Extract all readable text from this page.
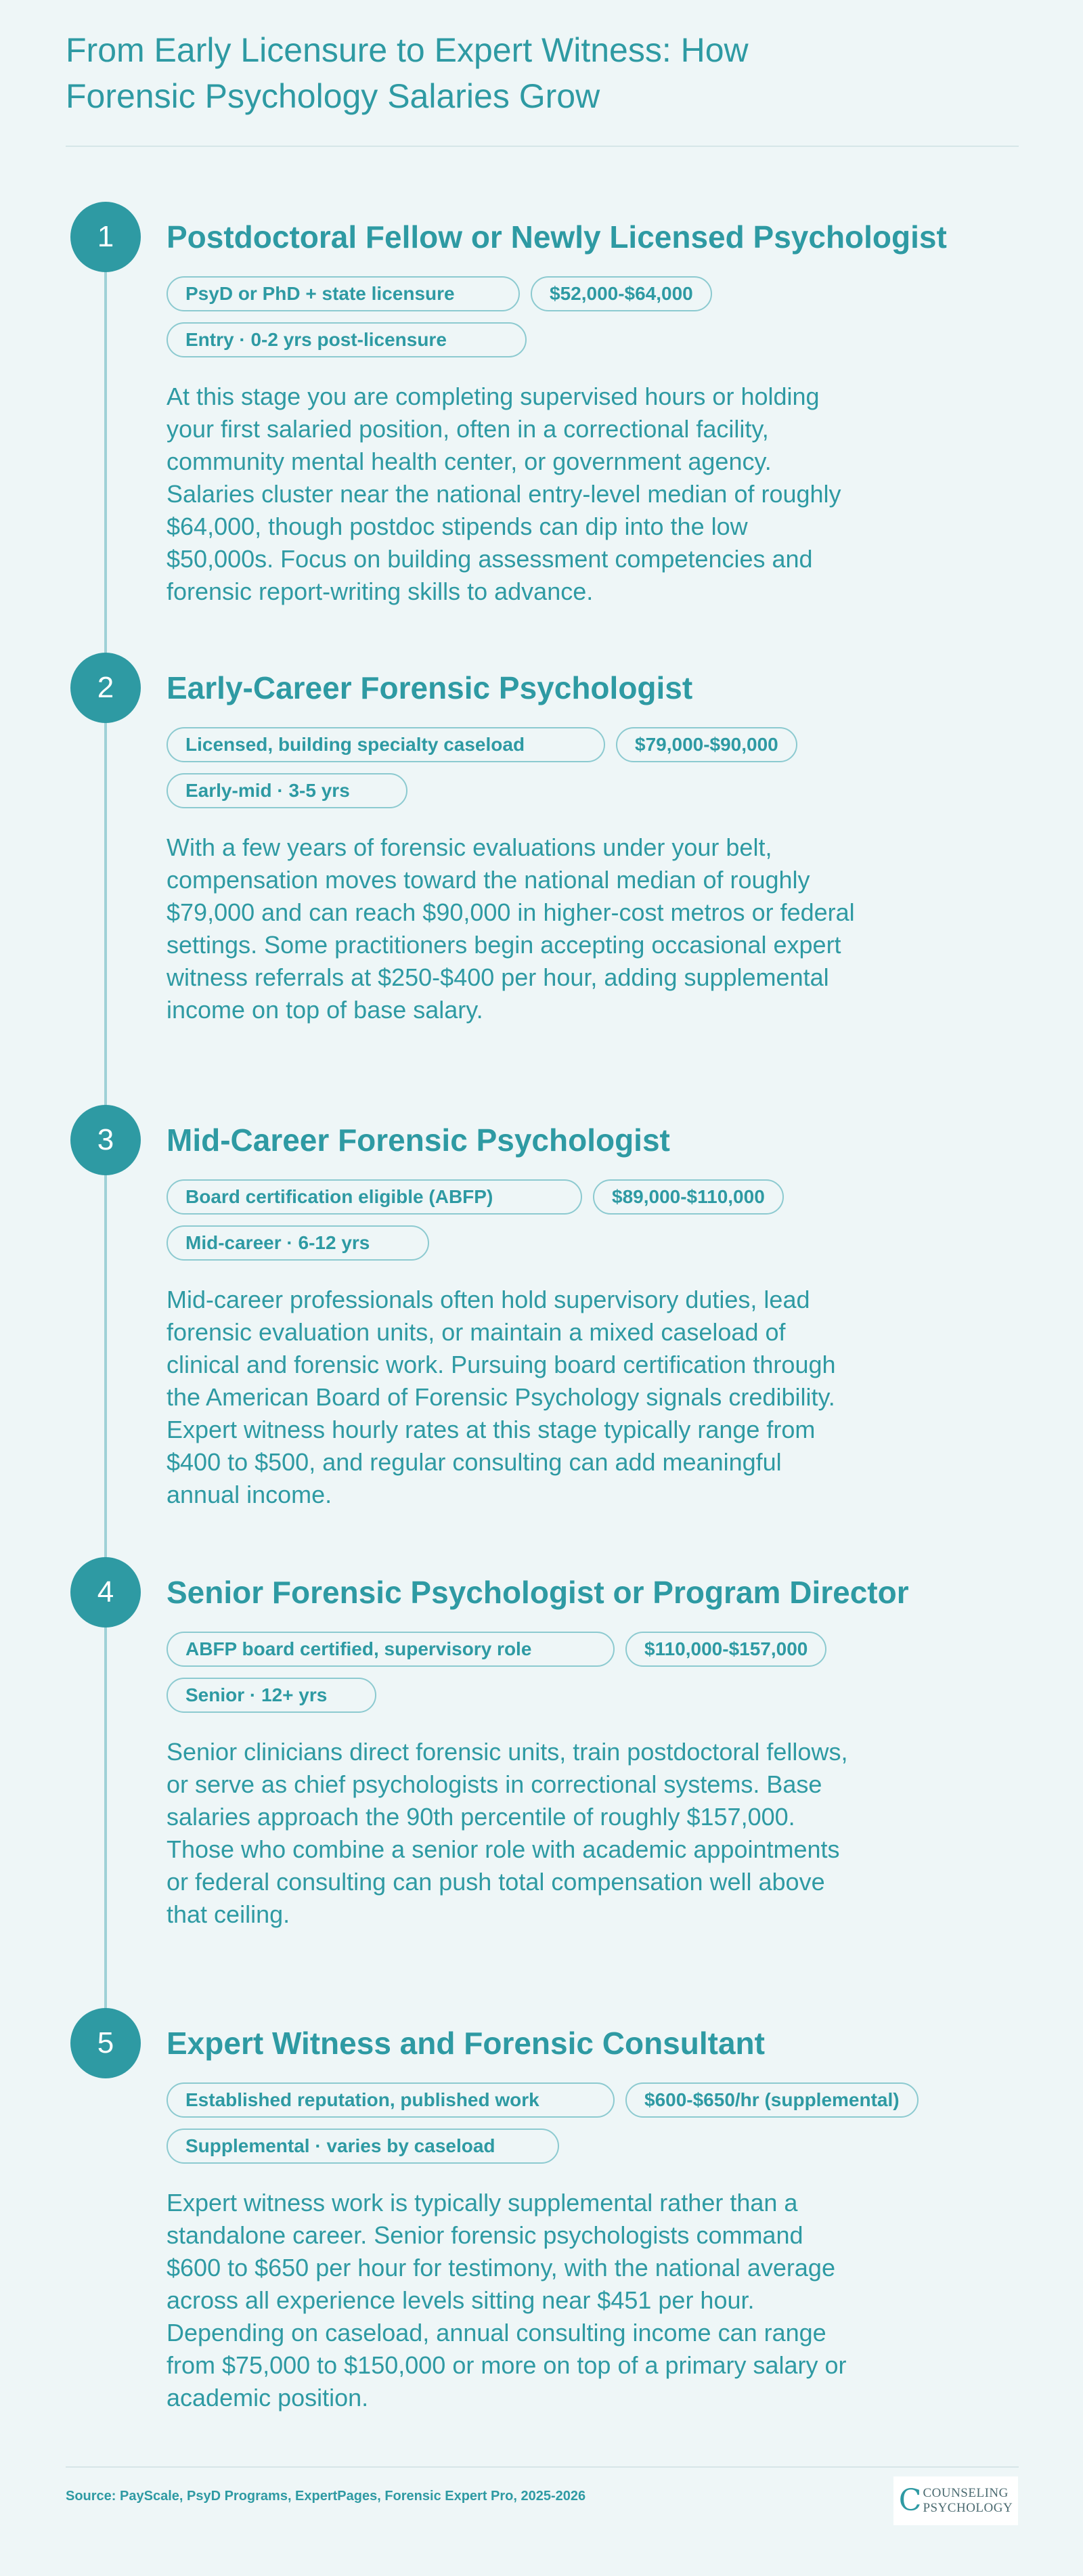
From Early Licensure to Expert Witness: How Forensic Psychology Salaries Grow
1	Postdoctoral Fellow or Newly Licensed Psychologist
PsyD or PhD + state licensure	$52,000-$64,000
Entry · 0-2 yrs post-licensure

At this stage you are completing supervised hours or holding your first salaried position, often in a correctional facility, community mental health center, or government agency. Salaries cluster near the national entry-level median of roughly $64,000, though postdoc stipends can dip into the low $50,000s. Focus on building assessment competencies and forensic report-writing skills to advance.

2	Early-Career Forensic Psychologist
Licensed, building specialty caseload	$79,000-$90,000
Early-mid · 3-5 yrs

With a few years of forensic evaluations under your belt, compensation moves toward the national median of roughly $79,000 and can reach $90,000 in higher-cost metros or federal settings. Some practitioners begin accepting occasional expert witness referrals at $250-$400 per hour, adding supplemental income on top of base salary.

3	Mid-Career Forensic Psychologist
Board certification eligible (ABFP)	$89,000-$110,000
Mid-career · 6-12 yrs

Mid-career professionals often hold supervisory duties, lead forensic evaluation units, or maintain a mixed caseload of clinical and forensic work. Pursuing board certification through the American Board of Forensic Psychology signals credibility. Expert witness hourly rates at this stage typically range from $400 to $500, and regular consulting can add meaningful annual income.

4	Senior Forensic Psychologist or Program Director
ABFP board certified, supervisory role	$110,000-$157,000
Senior · 12+ yrs

Senior clinicians direct forensic units, train postdoctoral fellows, or serve as chief psychologists in correctional systems. Base salaries approach the 90th percentile of roughly $157,000. Those who combine a senior role with academic appointments or federal consulting can push total compensation well above that ceiling.

5	Expert Witness and Forensic Consultant
Established reputation, published work	$600-$650/hr (supplemental)
Supplemental · varies by caseload

Expert witness work is typically supplemental rather than a standalone career. Senior forensic psychologists command $600 to $650 per hour for testimony, with the national average across all experience levels sitting near $451 per hour. Depending on caseload, annual consulting income can range from $75,000 to $150,000 or more on top of a primary salary or academic position.

Source: PayScale, PsyD Programs, ExpertPages, Forensic Expert Pro, 2025-2026	C COUNSELING
PSYCHOLOGY
